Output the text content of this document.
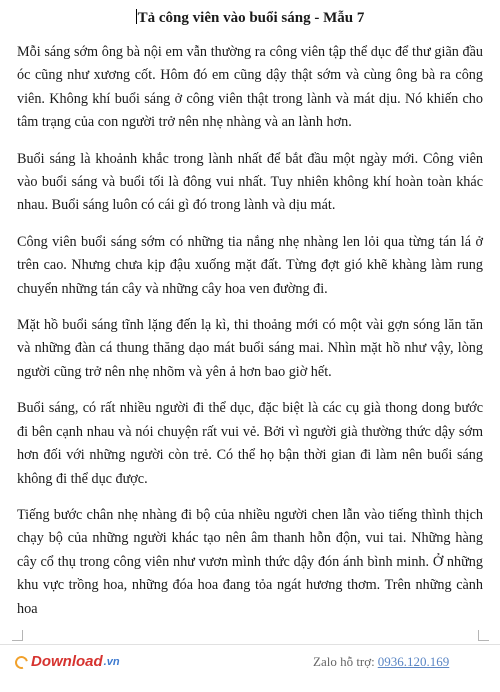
Tả công viên vào buổi sáng - Mẫu 7

Mỗi sáng sớm ông bà nội em vẫn thường ra công viên tập thể dục để thư giãn đầu óc cũng như xương cốt. Hôm đó em cũng dậy thật sớm và cùng ông bà ra công viên. Không khí buổi sáng ở công viên thật trong lành và mát dịu. Nó khiến cho tâm trạng của con người trở nên nhẹ nhàng và an lành hơn.

Buổi sáng là khoảnh khắc trong lành nhất để bắt đầu một ngày mới. Công viên vào buổi sáng và buổi tối là đông vui nhất. Tuy nhiên không khí hoàn toàn khác nhau. Buổi sáng luôn có cái gì đó trong lành và dịu mát.

Công viên buổi sáng sớm có những tia nắng nhẹ nhàng len lỏi qua từng tán lá ở trên cao. Nhưng chưa kịp đậu xuống mặt đất. Từng đợt gió khẽ khàng làm rung chuyển những tán cây và những cây hoa ven đường đi.

Mặt hồ buổi sáng tĩnh lặng đến lạ kì, thi thoảng mới có một vài gợn sóng lăn tăn và những đàn cá thung thăng dạo mát buổi sáng mai. Nhìn mặt hồ như vậy, lòng người cũng trở nên nhẹ nhõm và yên ả hơn bao giờ hết.

Buổi sáng, có rất nhiều người đi thể dục, đặc biệt là các cụ già thong dong bước đi bên cạnh nhau và nói chuyện rất vui vẻ. Bởi vì người già thường thức dậy sớm hơn đối với những người còn trẻ. Có thể họ bận thời gian đi làm nên buổi sáng không đi thể dục được.

Tiếng bước chân nhẹ nhàng đi bộ của nhiều người chen lẫn vào tiếng thình thịch chạy bộ của những người khác tạo nên âm thanh hỗn độn, vui tai. Những hàng cây cổ thụ trong công viên như vươn mình thức dậy đón ánh bình minh. Ở những khu vực trồng hoa, những đóa hoa đang tỏa ngát hương thơm. Trên những cành hoa

Download .vn	Zalo hỗ trợ: 0936.120.169
